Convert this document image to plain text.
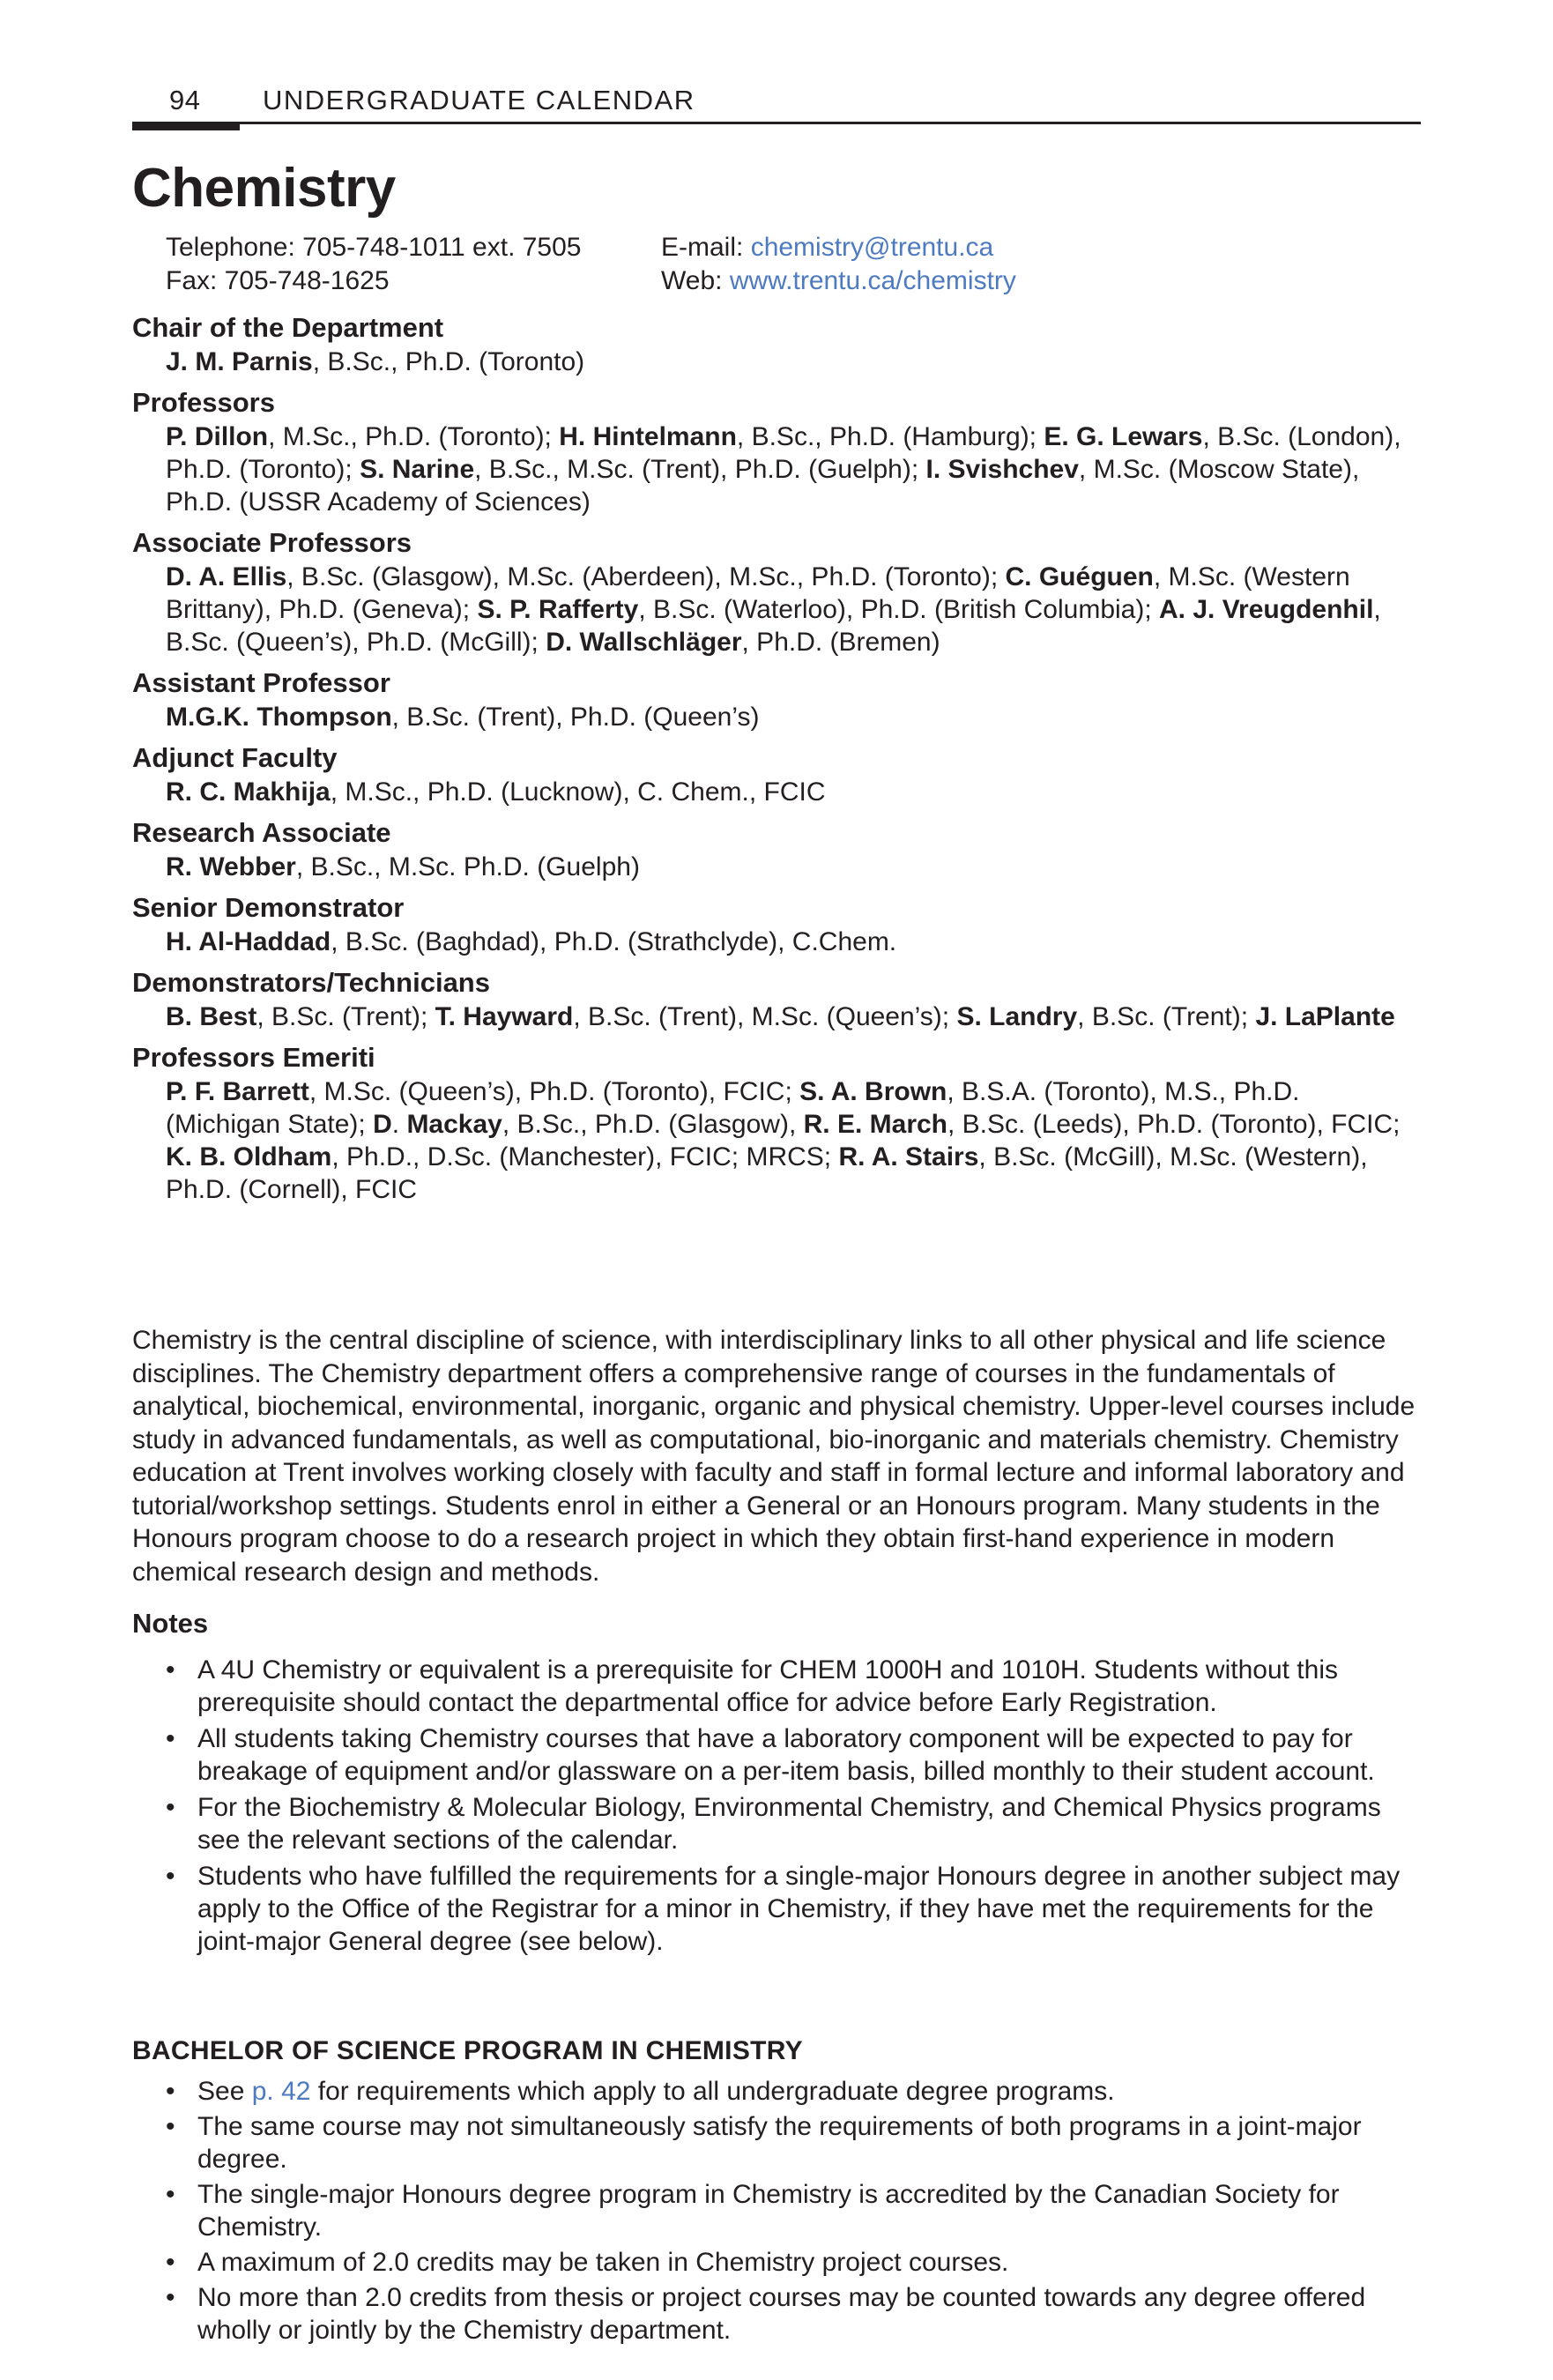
94 UNDERGRADUATE CALENDAR
Chemistry
Telephone: 705-748-1011 ext. 7505	E-mail: chemistry@trentu.ca
Fax: 705-748-1625	Web: www.trentu.ca/chemistry
Chair of the Department
J. M. Parnis, B.Sc., Ph.D. (Toronto)
Professors
P. Dillon, M.Sc., Ph.D. (Toronto); H. Hintelmann, B.Sc., Ph.D. (Hamburg); E. G. Lewars, B.Sc. (London), Ph.D. (Toronto); S. Narine, B.Sc., M.Sc. (Trent), Ph.D. (Guelph); I. Svishchev, M.Sc. (Moscow State), Ph.D. (USSR Academy of Sciences)
Associate Professors
D. A. Ellis, B.Sc. (Glasgow), M.Sc. (Aberdeen), M.Sc., Ph.D. (Toronto); C. Guéguen, M.Sc. (Western Brittany), Ph.D. (Geneva); S. P. Rafferty, B.Sc. (Waterloo), Ph.D. (British Columbia); A. J. Vreugdenhil, B.Sc. (Queen’s), Ph.D. (McGill); D. Wallschläger, Ph.D. (Bremen)
Assistant Professor
M.G.K. Thompson, B.Sc. (Trent), Ph.D. (Queen’s)
Adjunct Faculty
R. C. Makhija, M.Sc., Ph.D. (Lucknow), C. Chem., FCIC
Research Associate
R. Webber, B.Sc., M.Sc. Ph.D. (Guelph)
Senior Demonstrator
H. Al-Haddad, B.Sc. (Baghdad), Ph.D. (Strathclyde), C.Chem.
Demonstrators/Technicians
B. Best, B.Sc. (Trent); T. Hayward, B.Sc. (Trent), M.Sc. (Queen’s); S. Landry, B.Sc. (Trent); J. LaPlante
Professors Emeriti
P. F. Barrett, M.Sc. (Queen’s), Ph.D. (Toronto), FCIC; S. A. Brown, B.S.A. (Toronto), M.S., Ph.D. (Michigan State); D. Mackay, B.Sc., Ph.D. (Glasgow), R. E. March, B.Sc. (Leeds), Ph.D. (Toronto), FCIC; K. B. Oldham, Ph.D., D.Sc. (Manchester), FCIC; MRCS; R. A. Stairs, B.Sc. (McGill), M.Sc. (Western), Ph.D. (Cornell), FCIC

Chemistry is the central discipline of science, with interdisciplinary links to all other physical and life science disciplines. The Chemistry department offers a comprehensive range of courses in the fundamentals of analytical, biochemical, environmental, inorganic, organic and physical chemistry. Upper-level courses include study in advanced fundamentals, as well as computational, bio-inorganic and materials chemistry. Chemistry education at Trent involves working closely with faculty and staff in formal lecture and informal laboratory and tutorial/workshop settings. Students enrol in either a General or an Honours program. Many students in the Honours program choose to do a research project in which they obtain first-hand experience in modern chemical research design and methods.

Notes
• A 4U Chemistry or equivalent is a prerequisite for CHEM 1000H and 1010H. Students without this prerequisite should contact the departmental office for advice before Early Registration.
• All students taking Chemistry courses that have a laboratory component will be expected to pay for breakage of equipment and/or glassware on a per-item basis, billed monthly to their student account.
• For the Biochemistry & Molecular Biology, Environmental Chemistry, and Chemical Physics programs see the relevant sections of the calendar.
• Students who have fulfilled the requirements for a single-major Honours degree in another subject may apply to the Office of the Registrar for a minor in Chemistry, if they have met the requirements for the joint-major General degree (see below).
BACHELOR OF SCIENCE PROGRAM IN CHEMISTRY
• See p. 42 for requirements which apply to all undergraduate degree programs.
• The same course may not simultaneously satisfy the requirements of both programs in a joint-major degree.
• The single-major Honours degree program in Chemistry is accredited by the Canadian Society for Chemistry.
• A maximum of 2.0 credits may be taken in Chemistry project courses.
• No more than 2.0 credits from thesis or project courses may be counted towards any degree offered wholly or jointly by the Chemistry department.
